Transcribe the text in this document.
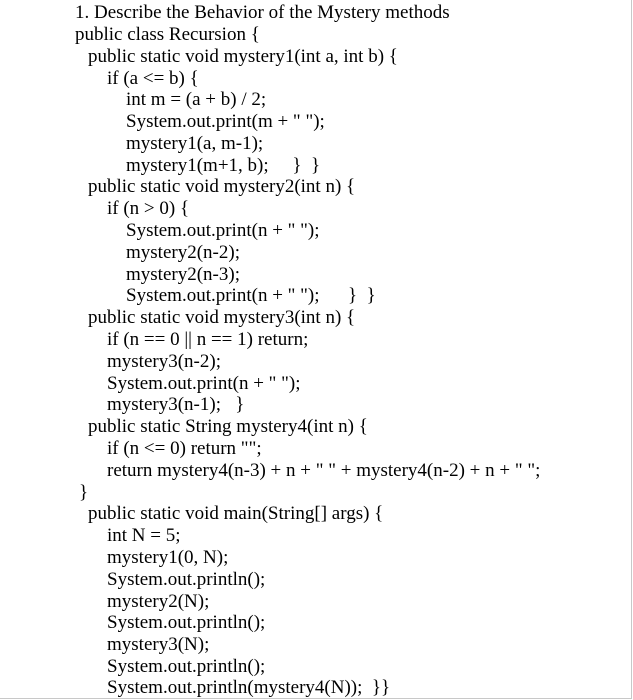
1. Describe the Behavior of the Mystery methods
public class Recursion {
public static void mystery1(int a, int b) {
if (a <= b) {
int m = (a + b) / 2;
System.out.print(m + " ");
mystery1(a, m-1);
mystery1(m+1, b);     }  }
public static void mystery2(int n) {
if (n > 0) {
System.out.print(n + " ");
mystery2(n-2);
mystery2(n-3);
System.out.print(n + " ");      }  }
public static void mystery3(int n) {
if (n == 0 || n == 1) return;
mystery3(n-2);
System.out.print(n + " ");
mystery3(n-1);   }
public static String mystery4(int n) {
if (n <= 0) return "";
return mystery4(n-3) + n + " " + mystery4(n-2) + n + " ";
}
public static void main(String[] args) {
int N = 5;
mystery1(0, N);
System.out.println();
mystery2(N);
System.out.println();
mystery3(N);
System.out.println();
System.out.println(mystery4(N));  }}
